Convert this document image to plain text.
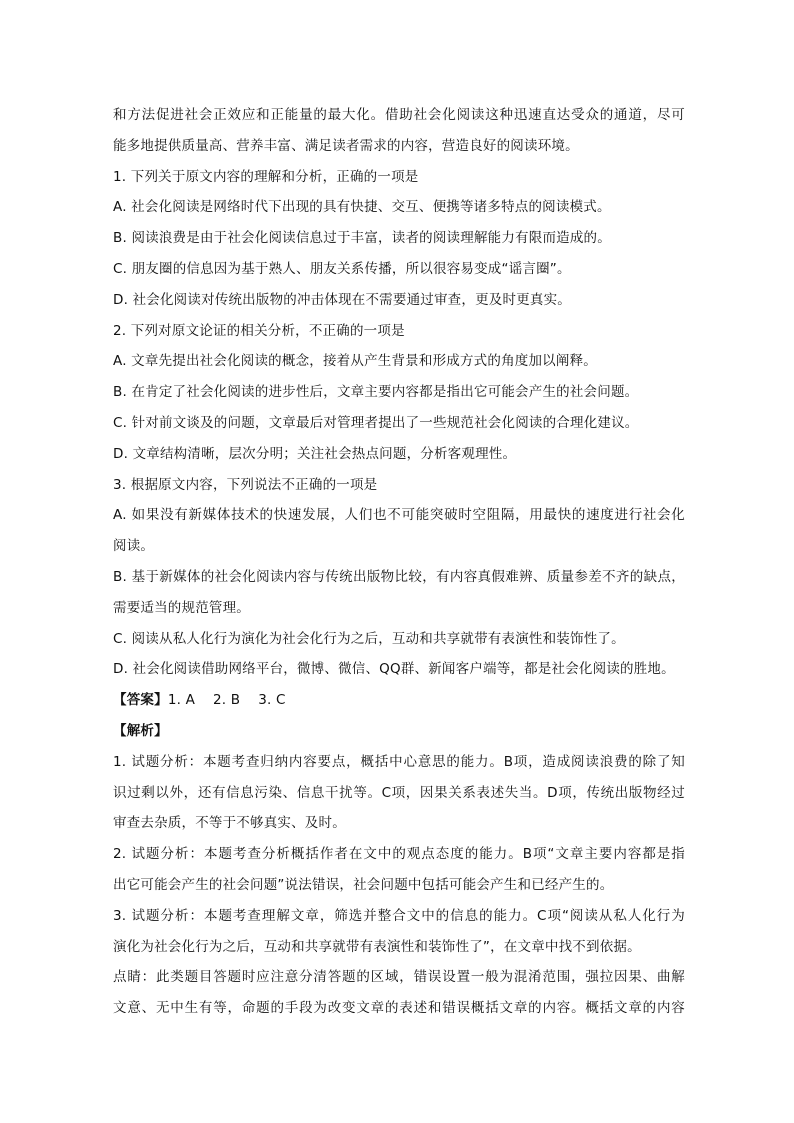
和方法促进社会正效应和正能量的最大化。借助社会化阅读这种迅速直达受众的通道，尽可
能多地提供质量高、营养丰富、满足读者需求的内容，营造良好的阅读环境。
1. 下列关于原文内容的理解和分析，正确的一项是
A. 社会化阅读是网络时代下出现的具有快捷、交互、便携等诸多特点的阅读模式。
B. 阅读浪费是由于社会化阅读信息过于丰富，读者的阅读理解能力有限而造成的。
C. 朋友圈的信息因为基于熟人、朋友关系传播，所以很容易变成“谣言圈”。
D. 社会化阅读对传统出版物的冲击体现在不需要通过审查，更及时更真实。
2. 下列对原文论证的相关分析，不正确的一项是
A. 文章先提出社会化阅读的概念，接着从产生背景和形成方式的角度加以阐释。
B. 在肯定了社会化阅读的进步性后，文章主要内容都是指出它可能会产生的社会问题。
C. 针对前文谈及的问题，文章最后对管理者提出了一些规范社会化阅读的合理化建议。
D. 文章结构清晰，层次分明；关注社会热点问题，分析客观理性。
3. 根据原文内容，下列说法不正确的一项是
A. 如果没有新媒体技术的快速发展，人们也不可能突破时空阻隔，用最快的速度进行社会化
阅读。
B. 基于新媒体的社会化阅读内容与传统出版物比较，有内容真假难辨、质量参差不齐的缺点，
需要适当的规范管理。
C. 阅读从私人化行为演化为社会化行为之后，互动和共享就带有表演性和装饰性了。
D. 社会化阅读借助网络平台，微博、微信、QQ群、新闻客户端等，都是社会化阅读的胜地。
【答案】1. A 2. B 3. C
【解析】
1. 试题分析：本题考查归纳内容要点，概括中心意思的能力。B项，造成阅读浪费的除了知
识过剩以外，还有信息污染、信息干扰等。C项，因果关系表述失当。D项，传统出版物经过
审查去杂质，不等于不够真实、及时。
2. 试题分析：本题考查分析概括作者在文中的观点态度的能力。B项“文章主要内容都是指
出它可能会产生的社会问题”说法错误，社会问题中包括可能会产生和已经产生的。
3. 试题分析：本题考查理解文章，筛选并整合文中的信息的能力。C项“阅读从私人化行为
演化为社会化行为之后，互动和共享就带有表演性和装饰性了”，在文章中找不到依据。
点睛：此类题目答题时应注意分清答题的区域，错误设置一般为混淆范围，强拉因果、曲解
文意、无中生有等，命题的手段为改变文章的表述和错误概括文章的内容。概括文章的内容
